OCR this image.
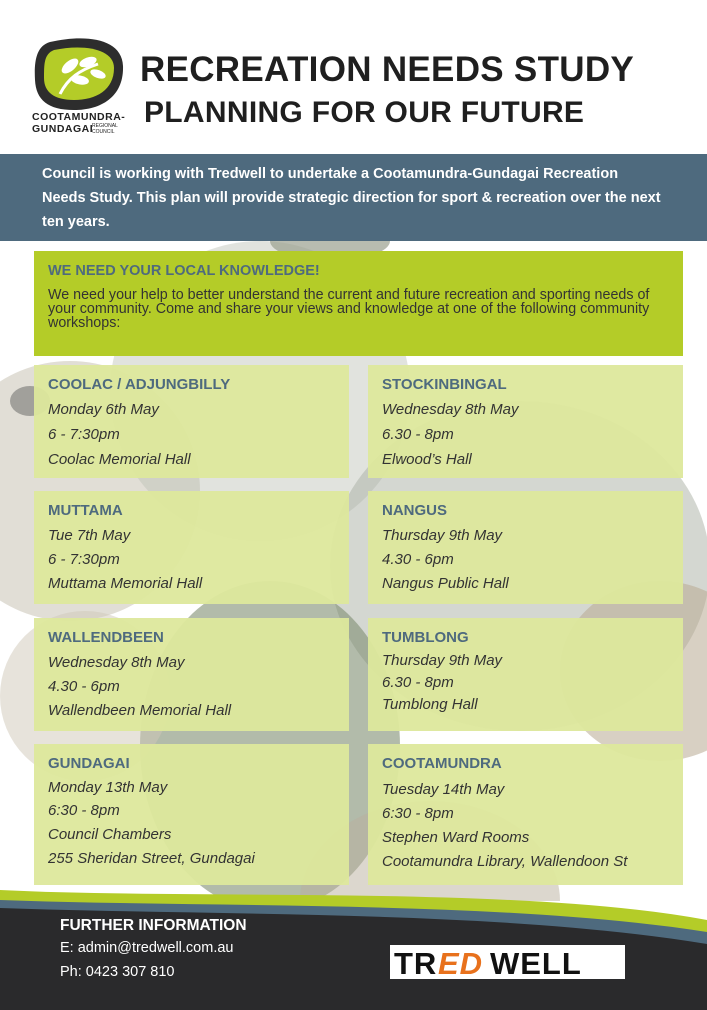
COOTAMUNDRA-
GUNDAGAI
REGIONAL
COUNCIL
RECREATION NEEDS STUDY
PLANNING FOR OUR FUTURE

Council is working with Tredwell to undertake a Cootamundra-Gundagai Recreation Needs Study. This plan will provide strategic direction for sport & recreation over the next ten years.

WE NEED YOUR LOCAL KNOWLEDGE!

We need your help to better understand the current and future recreation and sporting needs of your community. Come and share your views and knowledge at one of the following community workshops:

COOLAC / ADJUNGBILLY
Monday 6th May
6 - 7:30pm
Coolac Memorial Hall
STOCKINBINGAL
Wednesday 8th May
6.30 - 8pm
Elwood’s Hall
MUTTAMA
Tue 7th May
6 - 7:30pm
Muttama Memorial Hall
NANGUS
Thursday 9th May
4.30 - 6pm
Nangus Public Hall
WALLENDBEEN
Wednesday 8th May
4.30 - 6pm
Wallendbeen Memorial Hall
TUMBLONG
Thursday 9th May
6.30 - 8pm
Tumblong Hall
GUNDAGAI
Monday 13th May
6:30 - 8pm
Council Chambers
255 Sheridan Street, Gundagai
COOTAMUNDRA
Tuesday 14th May
6:30 - 8pm
Stephen Ward Rooms
Cootamundra Library, Wallendoon St
FURTHER INFORMATION
E: admin@tredwell.com.au
Ph: 0423 307 810	TR ED WELL
